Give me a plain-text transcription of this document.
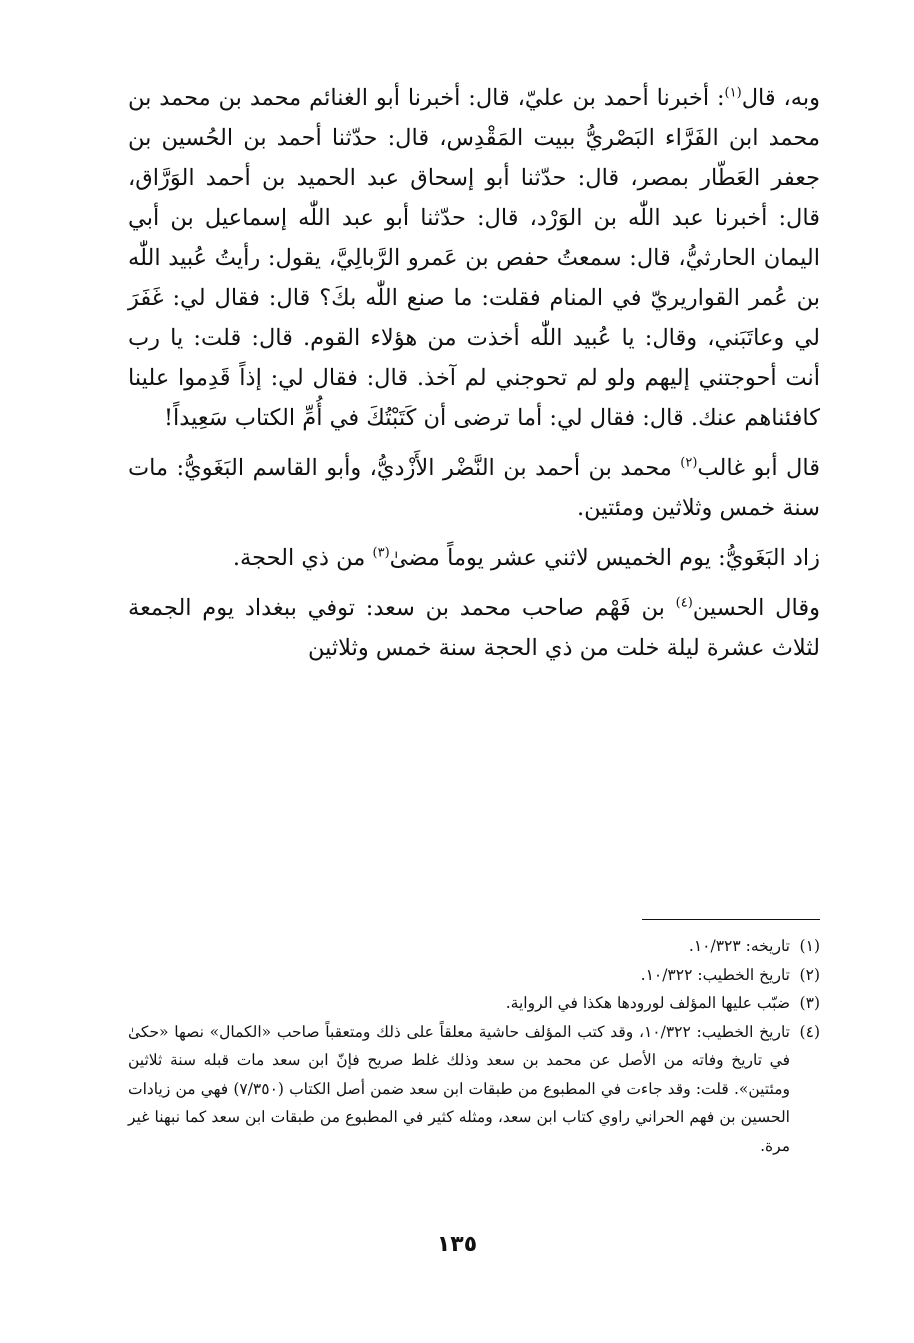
وبه، قال$^{(١)}$: أخبرنا أحمد بن عليّ، قال: أخبرنا أبو الغنائم محمد بن محمد بن محمد ابن الفَرَّاء البَصْريُّ ببيت المَقْدِس، قال: حدّثنا أحمد بن الحُسين بن جعفر العَطّار بمصر، قال: حدّثنا أبو إسحاق عبد الحميد بن أحمد الوَرَّاق، قال: أخبرنا عبد اللّٰه بن الوَرْد، قال: حدّثنا أبو عبد اللّٰه إسماعيل بن أبي اليمان الحارثيُّ، قال: سمعتُ حفص بن عَمرو الرَّبالِيَّ، يقول: رأيتُ عُبيد اللّٰه بن عُمر القواريريّ في المنام فقلت: ما صنع اللّٰه بكَ؟ قال: فقال لي: غَفَرَ لي وعاتَبَني، وقال: يا عُبيد اللّٰه أخذت من هؤلاء القوم. قال: قلت: يا رب أنت أحوجتني إليهم ولو لم تحوجني لم آخذ. قال: فقال لي: إذاً قَدِموا علينا كافئناهم عنك. قال: فقال لي: أما ترضى أن كَتَبْتُكَ في أُمِّ الكتاب سَعِيداً!

قال أبو غالب$^{(٢)}$ محمد بن أحمد بن النَّضْر الأَزْديُّ، وأبو القاسم البَغَويُّ: مات سنة خمس وثلاثين ومئتين.

زاد البَغَويُّ: يوم الخميس لاثني عشر يوماً مضىٰ$^{(٣)}$ من ذي الحجة.

وقال الحسين$^{(٤)}$ بن فَهْم صاحب محمد بن سعد: توفي ببغداد يوم الجمعة لثلاث عشرة ليلة خلت من ذي الحجة سنة خمس وثلاثين

(١)
تاريخه: ١٠/٣٢٣.
(٢)
تاريخ الخطيب: ١٠/٣٢٢.
(٣)
ضبّب عليها المؤلف لورودها هكذا في الرواية.
(٤)
تاريخ الخطيب: ١٠/٣٢٢، وقد كتب المؤلف حاشية معلقاً على ذلك ومتعقباً صاحب «الكمال» نصها «حكىٰ في تاريخ وفاته من الأصل عن محمد بن سعد وذلك غلط صريح فإنّ ابن سعد مات قبله سنة ثلاثين ومئتين». قلت: وقد جاءت في المطبوع من طبقات ابن سعد ضمن أصل الكتاب (٧/٣٥٠) فهي من زيادات الحسين بن فهم الحراني راوي كتاب ابن سعد، ومثله كثير في المطبوع من طبقات ابن سعد كما نبهنا غير مرة.
١٣٥
